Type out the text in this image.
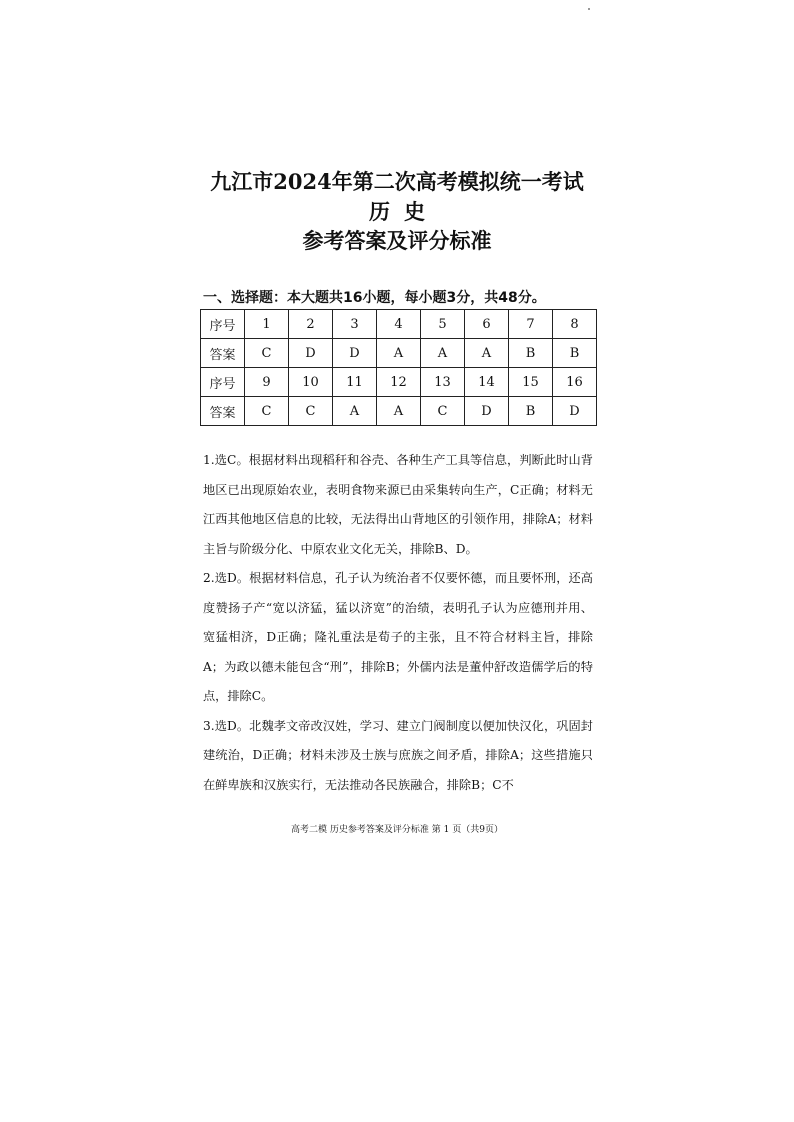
九江市2024年第二次高考模拟统一考试
历史
参考答案及评分标准
一、选择题：本大题共16小题，每小题3分，共48分。
序号	1	2	3	4	5	6	7	8
答案	C	D	D	A	A	A	B	B
序号	9	10	11	12	13	14	15	16
答案	C	C	A	A	C	D	B	D

1.选C。根据材料出现稻秆和谷壳、各种生产工具等信息，判断此时山背地区已出现原始农业，表明食物来源已由采集转向生产，C正确；材料无江西其他地区信息的比较，无法得出山背地区的引领作用，排除A；材料主旨与阶级分化、中原农业文化无关，排除B、D。

2.选D。根据材料信息，孔子认为统治者不仅要怀德，而且要怀刑，还高度赞扬子产“宽以济猛，猛以济宽”的治绩，表明孔子认为应德刑并用、宽猛相济，D正确；隆礼重法是荀子的主张，且不符合材料主旨，排除A；为政以德未能包含“刑”，排除B；外儒内法是董仲舒改造儒学后的特点，排除C。

3.选D。北魏孝文帝改汉姓，学习、建立门阀制度以便加快汉化，巩固封建统治，D正确；材料未涉及士族与庶族之间矛盾，排除A；这些措施只在鲜卑族和汉族实行，无法推动各民族融合，排除B；C不

高考二模 历史参考答案及评分标准 第 1 页（共9页）
